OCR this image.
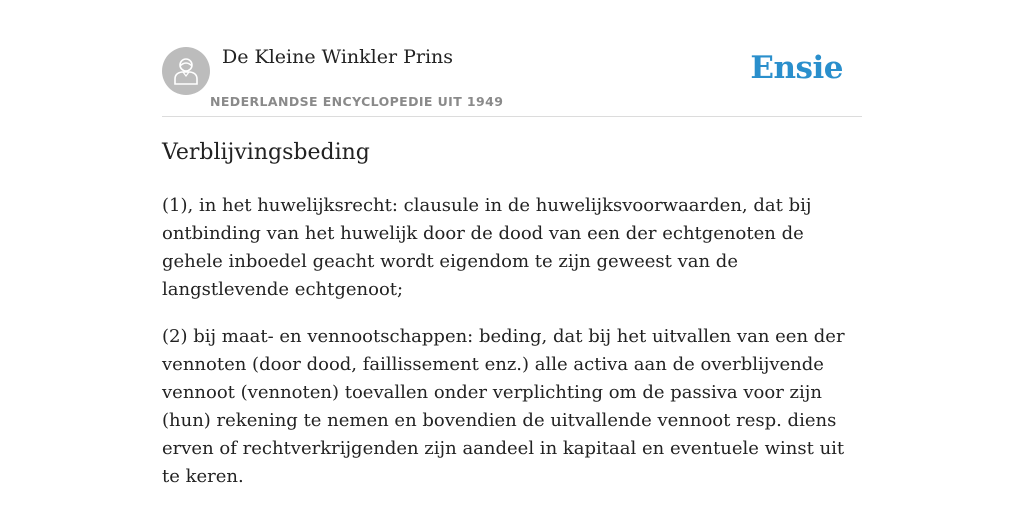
De Kleine Winkler Prins
NEDERLANDSE ENCYCLOPEDIE UIT 1949
Ensie
Verblijvingsbeding

(1), in het huwelijksrecht: clausule in de huwelijksvoorwaarden, dat bij ontbinding van het huwelijk door de dood van een der echtgenoten de gehele inboedel geacht wordt eigendom te zijn geweest van de langstlevende echtgenoot;

(2) bij maat- en vennootschappen: beding, dat bij het uitvallen van een der vennoten (door dood, faillissement enz.) alle activa aan de overblijvende vennoot (vennoten) toevallen onder verplichting om de passiva voor zijn (hun) rekening te nemen en bovendien de uitvallende vennoot resp. diens erven of rechtverkrijgenden zijn aandeel in kapitaal en eventuele winst uit te keren.
